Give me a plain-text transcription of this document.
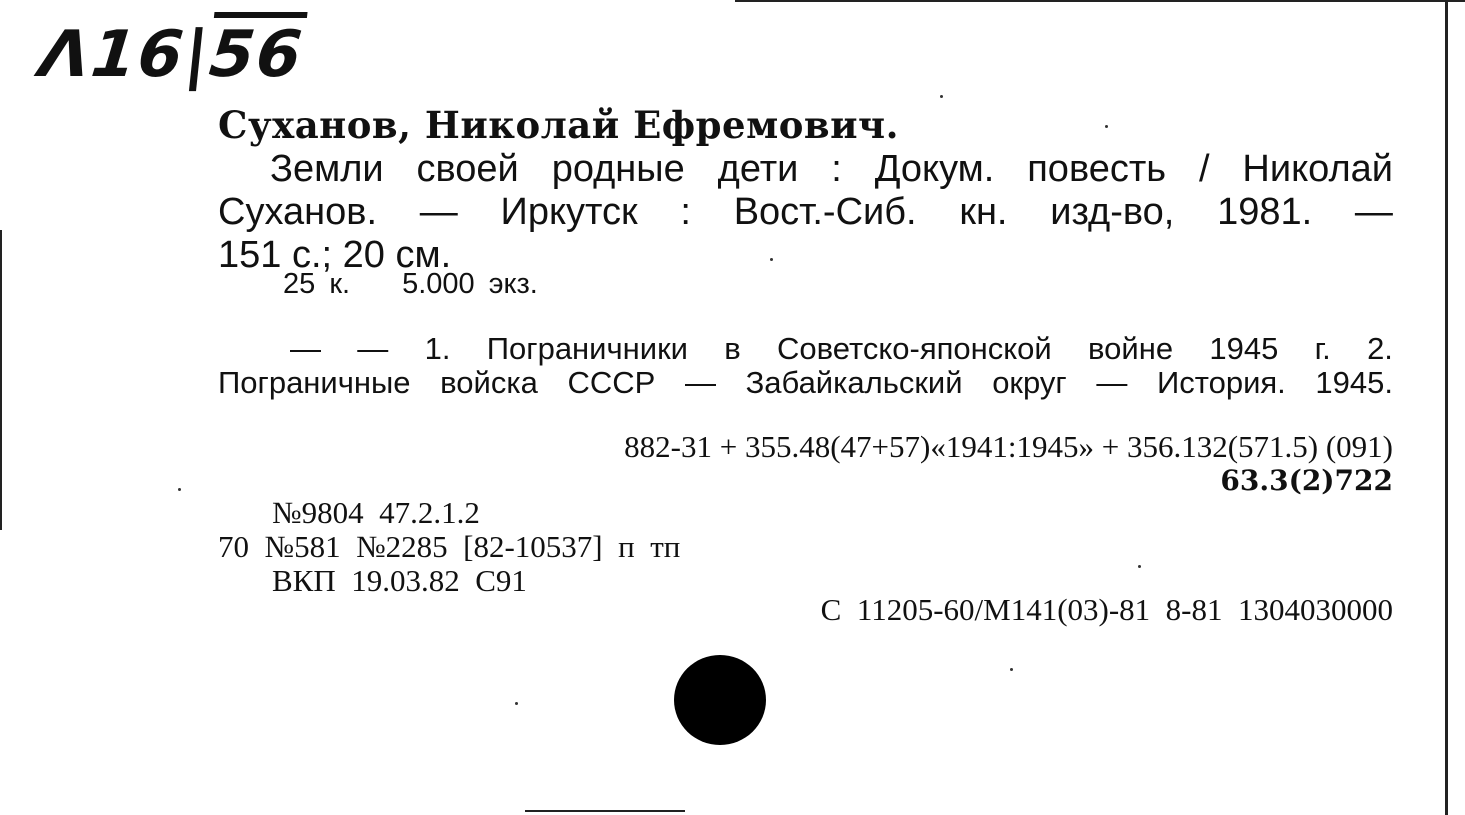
Λ16|56

Суханов, Николай Ефремович.

Земли своей родные дети : Докум. повесть / Николай
Суханов. — Иркутск : Вост.-Сиб. кн. изд-во, 1981. —
151 с.; 20 см.

25 к. 5.000 экз.

— — 1. Пограничники в Советско-японской войне 1945 г. 2.
Пограничные войска СССР — Забайкальский округ — История. 1945.
882-31 + 355.48(47+57)«1941:1945» + 356.132(571.5) (091)
63.3(2)722
№9804  47.2.1.2
70  №581  №2285  [82-10537]  п  тп
ВКП  19.03.82  С91

С  11205-60/М141(03)-81  8-81  1304030000
